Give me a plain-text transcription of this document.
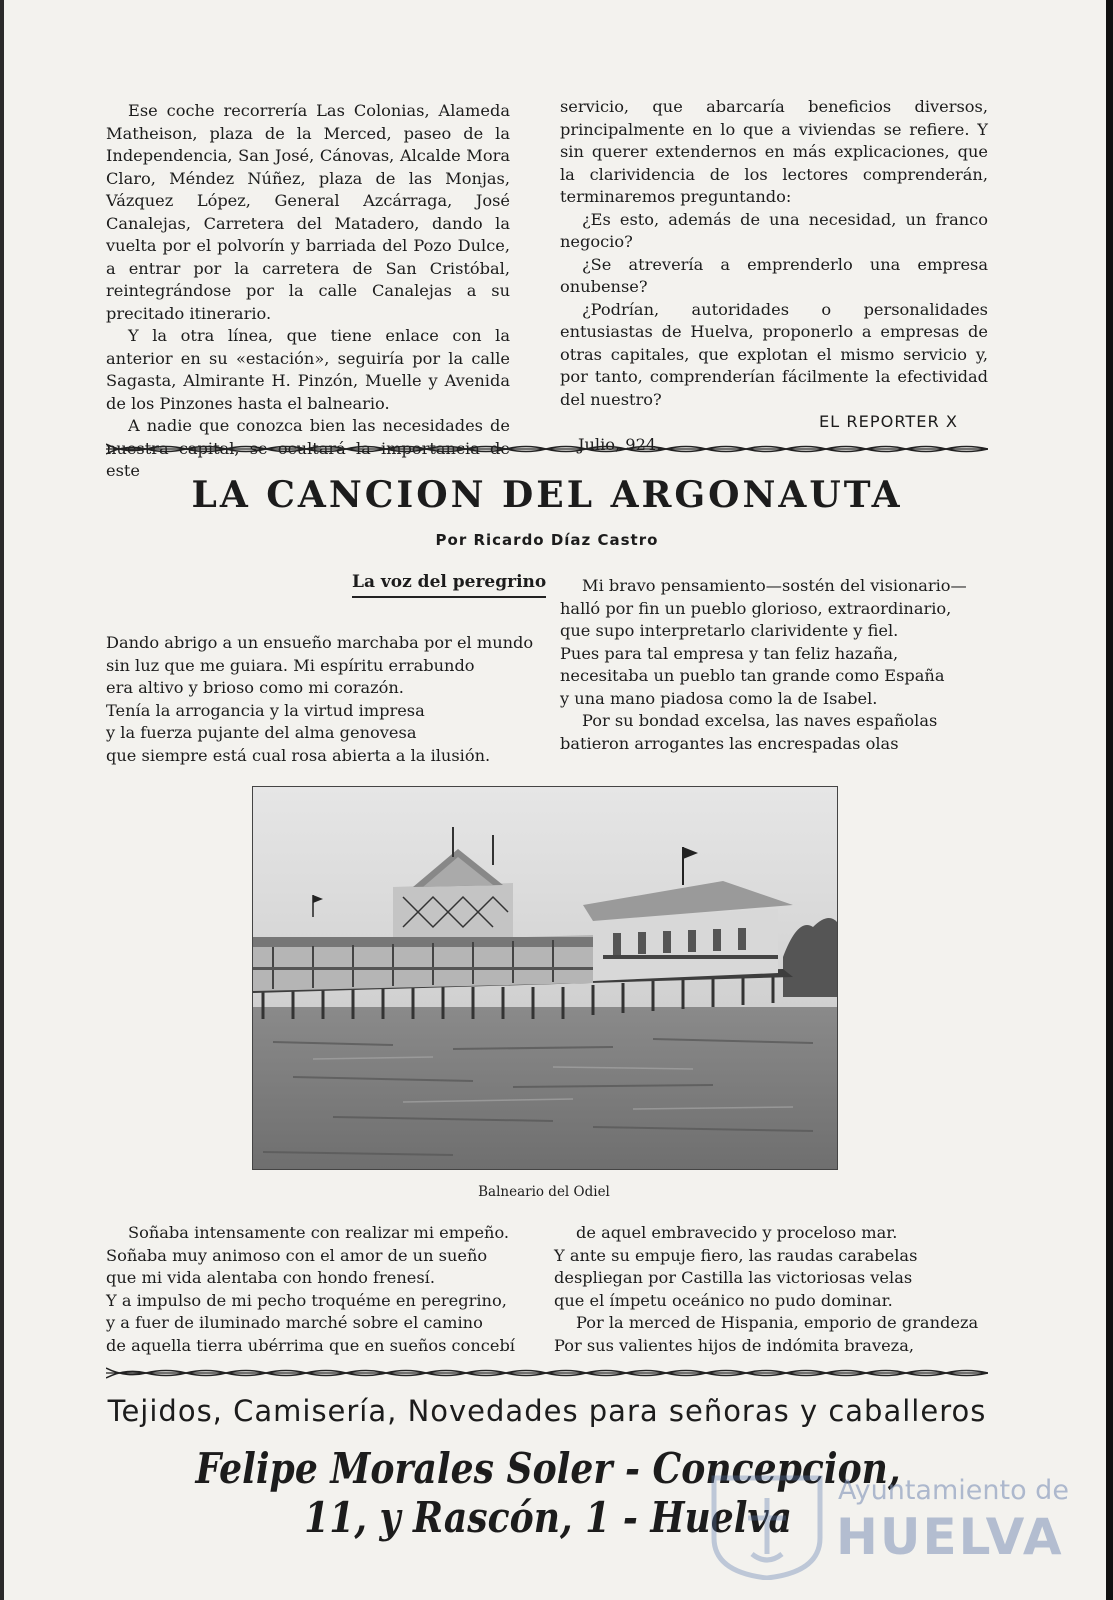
Ese coche recorrería Las Colonias, Alameda Matheison, plaza de la Merced, paseo de la Independencia, San José, Cánovas, Alcalde Mora Claro, Méndez Núñez, plaza de las Monjas, Vázquez López, General Azcárraga, José Canalejas, Carretera del Matadero, dando la vuelta por el polvorín y barriada del Pozo Dulce, a entrar por la carretera de San Cristóbal, reintegrándose por la calle Canalejas a su precitado itinerario.

Y la otra línea, que tiene enlace con la anterior en su «estación», seguiría por la calle Sagasta, Almirante H. Pinzón, Muelle y Avenida de los Pinzones hasta el balneario.

A nadie que conozca bien las necesidades de nuestra capital, se ocultará la importancia de este

servicio, que abarcaría beneficios diversos, principalmente en lo que a viviendas se refiere. Y sin querer extendernos en más explicaciones, que la clarividencia de los lectores comprenderán, terminaremos preguntando:

¿Es esto, además de una necesidad, un franco negocio?

¿Se atrevería a emprenderlo una empresa onubense?

¿Podrían, autoridades o personalidades entusiastas de Huelva, proponerlo a empresas de otras capitales, que explotan el mismo servicio y, por tanto, comprenderían fácilmente la efectividad del nuestro?

EL REPORTER X

Julio, 924.

LA CANCION DEL ARGONAUTA
Por Ricardo Díaz Castro
La voz del peregrino

Dando abrigo a un ensueño marchaba por el mundo

sin luz que me guiara. Mi espíritu errabundo

era altivo y brioso como mi corazón.

Tenía la arrogancia y la virtud impresa

y la fuerza pujante del alma genovesa

que siempre está cual rosa abierta a la ilusión.

Mi bravo pensamiento—sostén del visionario—

halló por fin un pueblo glorioso, extraordinario,

que supo interpretarlo clarividente y fiel.

Pues para tal empresa y tan feliz hazaña,

necesitaba un pueblo tan grande como España

y una mano piadosa como la de Isabel.

Por su bondad excelsa, las naves españolas

batieron arrogantes las encrespadas olas

Balneario del Odiel

Soñaba intensamente con realizar mi empeño.

Soñaba muy animoso con el amor de un sueño

que mi vida alentaba con hondo frenesí.

Y a impulso de mi pecho troquéme en peregrino,

y a fuer de iluminado marché sobre el camino

de aquella tierra ubérrima que en sueños concebí

de aquel embravecido y proceloso mar.

Y ante su empuje fiero, las raudas carabelas

despliegan por Castilla las victoriosas velas

que el ímpetu oceánico no pudo dominar.

Por la merced de Hispania, emporio de grandeza

Por sus valientes hijos de indómita braveza,

Tejidos, Camisería, Novedades para señoras y caballeros
Felipe Morales Soler - Concepcion, 11, y Rascón, 1 - Huelva
Ayuntamiento de
HUELVA
